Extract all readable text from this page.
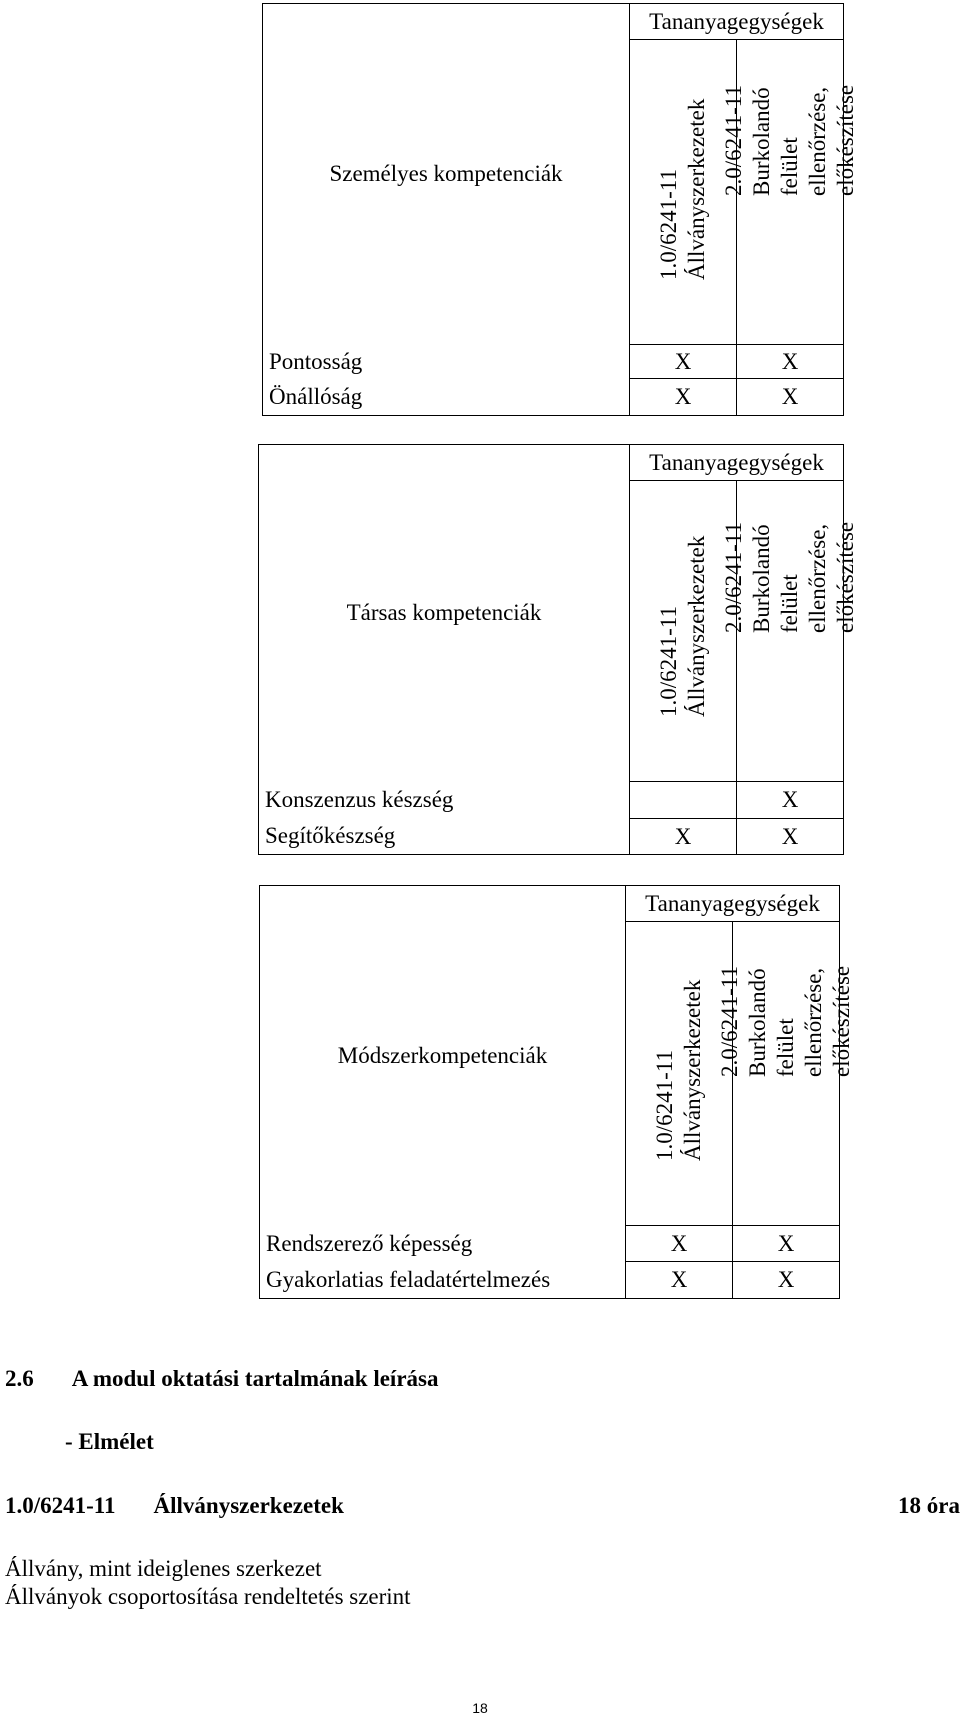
Személyes kompetenciák	Tananyagegységek	

	1.0/6241-11
Állványszerkezetek	2.0/6241-11 Burkolandó
felület ellenőrzése,
előkészítése

Pontosság	X	X
Önállóság	X	X
Társas kompetenciák	Tananyagegységek	

	1.0/6241-11
Állványszerkezetek	2.0/6241-11 Burkolandó
felület ellenőrzése,
előkészítése

Konszenzus készség		X
Segítőkészség	X	X
Módszerkompetenciák	Tananyagegységek	

	1.0/6241-11
Állványszerkezetek	2.0/6241-11 Burkolandó
felület ellenőrzése,
előkészítése

Rendszerező képesség	X	X
Gyakorlatias feladatértelmezés	X	X
2.6 A modul oktatási tartalmának leírása
- Elmélet
1.0/6241-11 Állványszerkezetek	18 óra
Állvány, mint ideiglenes szerkezet
Állványok csoportosítása rendeltetés szerint
18
